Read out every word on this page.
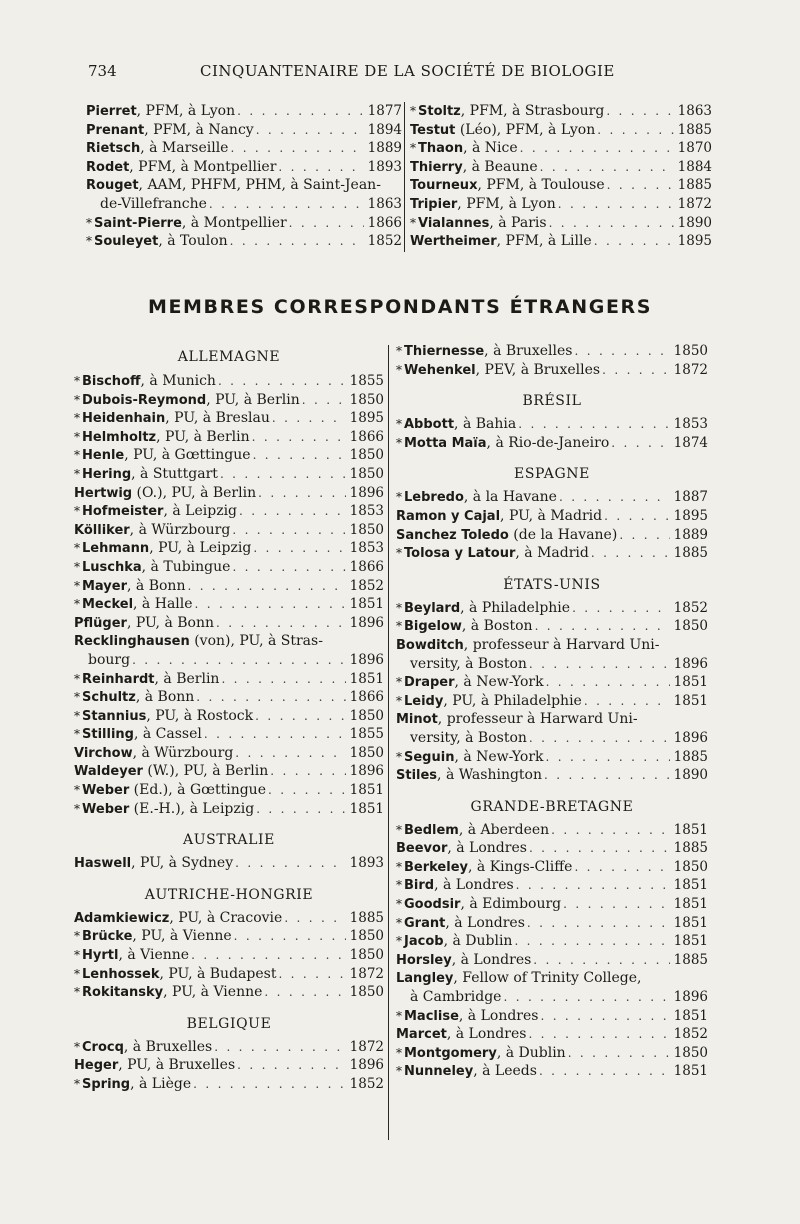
734	CINQUANTENAIRE DE LA SOCIÉTÉ DE BIOLOGIE
Pierret, PFM, à Lyon . . .	1877
Prenant, PFM, à Nancy . . .	1894
Rietsch, à Marseille . . .	1889
Rodet, PFM, à Montpellier . . .	1893
Rouget, AAM, PHFM, PHM, à Saint-Jean-
de-Villefranche . . .	1863
* Saint-Pierre, à Montpellier . . .	1866
* Souleyet, à Toulon . . .	1852
* Stoltz, PFM, à Strasbourg . . .	1863
Testut (Léo), PFM, à Lyon . . .	1885
* Thaon, à Nice . . .	1870
Thierry, à Beaune . . .	1884
Tourneux, PFM, à Toulouse . . .	1885
Tripier, PFM, à Lyon . . .	1872
* Vialannes, à Paris . . .	1890
Wertheimer, PFM, à Lille . . .	1895
MEMBRES CORRESPONDANTS ÉTRANGERS
ALLEMAGNE
* Bischoff, à Munich . . .	1855
* Dubois-Reymond, PU, à Berlin . . .	1850
* Heidenhain, PU, à Breslau . . .	1895
* Helmholtz, PU, à Berlin . . .	1866
* Henle, PU, à Gœttingue . . .	1850
* Hering, à Stuttgart . . .	1850
Hertwig (O.), PU, à Berlin . . .	1896
* Hofmeister, à Leipzig . . .	1853
Kölliker, à Würzbourg . . .	1850
* Lehmann, PU, à Leipzig . . .	1853
* Luschka, à Tubingue . . .	1866
* Mayer, à Bonn . . .	1852
* Meckel, à Halle . . .	1851
Pflüger, PU, à Bonn . . .	1896
Recklinghausen (von), PU, à Stras-
bourg . . .	1896
* Reinhardt, à Berlin . . .	1851
* Schultz, à Bonn . . .	1866
* Stannius, PU, à Rostock . . .	1850
* Stilling, à Cassel . . .	1855
Virchow, à Würzbourg . . .	1850
Waldeyer (W.), PU, à Berlin . . .	1896
* Weber (Ed.), à Gœttingue . . .	1851
* Weber (E.-H.), à Leipzig . . .	1851
AUSTRALIE
Haswell, PU, à Sydney . . .	1893
AUTRICHE-HONGRIE
Adamkiewicz, PU, à Cracovie . . .	1885
* Brücke, PU, à Vienne . . .	1850
* Hyrtl, à Vienne . . .	1850
* Lenhossek, PU, à Budapest . . .	1872
* Rokitansky, PU, à Vienne . . .	1850
BELGIQUE
* Crocq, à Bruxelles . . .	1872
Heger, PU, à Bruxelles . . .	1896
* Spring, à Liège . . .	1852
* Thiernesse, à Bruxelles . . .	1850
* Wehenkel, PEV, à Bruxelles . . .	1872
BRÉSIL
* Abbott, à Bahia . . .	1853
* Motta Maïa, à Rio-de-Janeiro . . .	1874
ESPAGNE
* Lebredo, à la Havane . . .	1887
Ramon y Cajal, PU, à Madrid . . .	1895
Sanchez Toledo (de la Havane) . . .	1889
* Tolosa y Latour, à Madrid . . .	1885
ÉTATS-UNIS
* Beylard, à Philadelphie . . .	1852
* Bigelow, à Boston . . .	1850
Bowditch, professeur à Harvard Uni-
versity, à Boston . . .	1896
* Draper, à New-York . . .	1851
* Leidy, PU, à Philadelphie . . .	1851
Minot, professeur à Harward Uni-
versity, à Boston . . .	1896
* Seguin, à New-York . . .	1885
Stiles, à Washington . . .	1890
GRANDE-BRETAGNE
* Bedlem, à Aberdeen . . .	1851
Beevor, à Londres . . .	1885
* Berkeley, à Kings-Cliffe . . .	1850
* Bird, à Londres . . .	1851
* Goodsir, à Edimbourg . . .	1851
* Grant, à Londres . . .	1851
* Jacob, à Dublin . . .	1851
Horsley, à Londres . . .	1885
Langley, Fellow of Trinity College,
à Cambridge . . .	1896
* Maclise, à Londres . . .	1851
Marcet, à Londres . . .	1852
* Montgomery, à Dublin . . .	1850
* Nunneley, à Leeds . . .	1851
